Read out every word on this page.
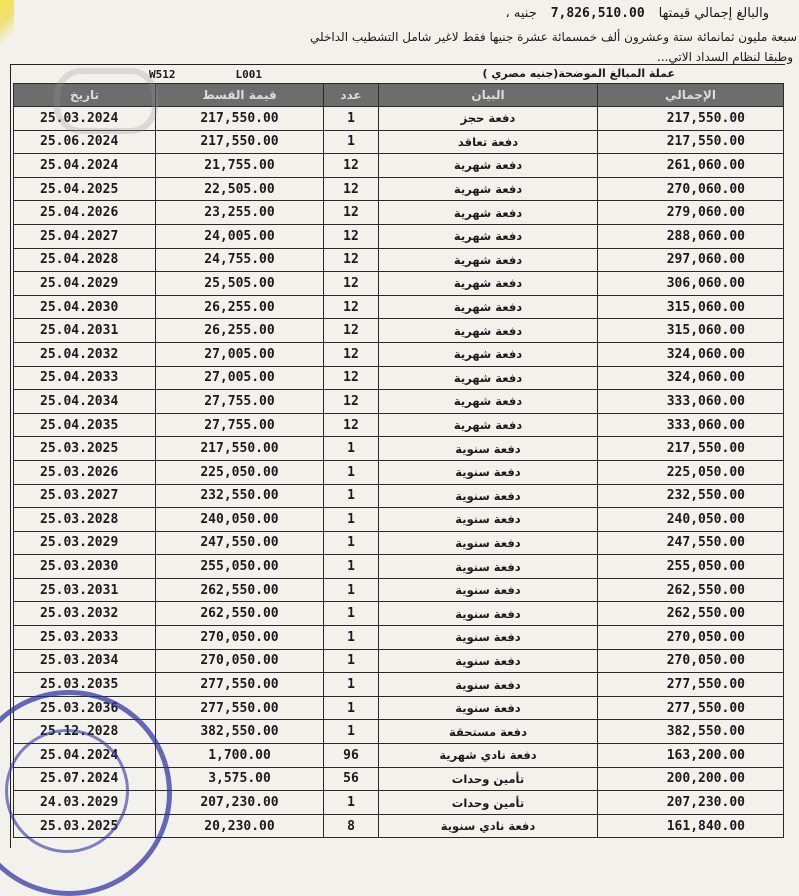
والبالغ إجمالي قيمتها7,826,510.00جنيه ،
سبعة مليون ثمانمائة ستة وعشرون ألف خمسمائة عشرة جنيها فقط لاغير شامل التشطيب الداخلي
وطبقا لنظام السداد الاتي...
W512	L001	عملة المبالغ الموضحة(جنيه مصري )
تاريخ	قيمة القسط	عدد	البيان	الإجمالي
25.03.2024	217,550.00	1	دفعة حجز	217,550.00
25.06.2024	217,550.00	1	دفعة تعاقد	217,550.00
25.04.2024	21,755.00	12	دفعة شهرية	261,060.00
25.04.2025	22,505.00	12	دفعة شهرية	270,060.00
25.04.2026	23,255.00	12	دفعة شهرية	279,060.00
25.04.2027	24,005.00	12	دفعة شهرية	288,060.00
25.04.2028	24,755.00	12	دفعة شهرية	297,060.00
25.04.2029	25,505.00	12	دفعة شهرية	306,060.00
25.04.2030	26,255.00	12	دفعة شهرية	315,060.00
25.04.2031	26,255.00	12	دفعة شهرية	315,060.00
25.04.2032	27,005.00	12	دفعة شهرية	324,060.00
25.04.2033	27,005.00	12	دفعة شهرية	324,060.00
25.04.2034	27,755.00	12	دفعة شهرية	333,060.00
25.04.2035	27,755.00	12	دفعة شهرية	333,060.00
25.03.2025	217,550.00	1	دفعة سنوية	217,550.00
25.03.2026	225,050.00	1	دفعة سنوية	225,050.00
25.03.2027	232,550.00	1	دفعة سنوية	232,550.00
25.03.2028	240,050.00	1	دفعة سنوية	240,050.00
25.03.2029	247,550.00	1	دفعة سنوية	247,550.00
25.03.2030	255,050.00	1	دفعة سنوية	255,050.00
25.03.2031	262,550.00	1	دفعة سنوية	262,550.00
25.03.2032	262,550.00	1	دفعة سنوية	262,550.00
25.03.2033	270,050.00	1	دفعة سنوية	270,050.00
25.03.2034	270,050.00	1	دفعة سنوية	270,050.00
25.03.2035	277,550.00	1	دفعة سنوية	277,550.00
25.03.2036	277,550.00	1	دفعة سنوية	277,550.00
25.12.2028	382,550.00	1	دفعة مستحقة	382,550.00
25.04.2024	1,700.00	96	دفعة نادي شهرية	163,200.00
25.07.2024	3,575.00	56	تأمين وحدات	200,200.00
24.03.2029	207,230.00	1	تأمين وحدات	207,230.00
25.03.2025	20,230.00	8	دفعة نادي سنوية	161,840.00
